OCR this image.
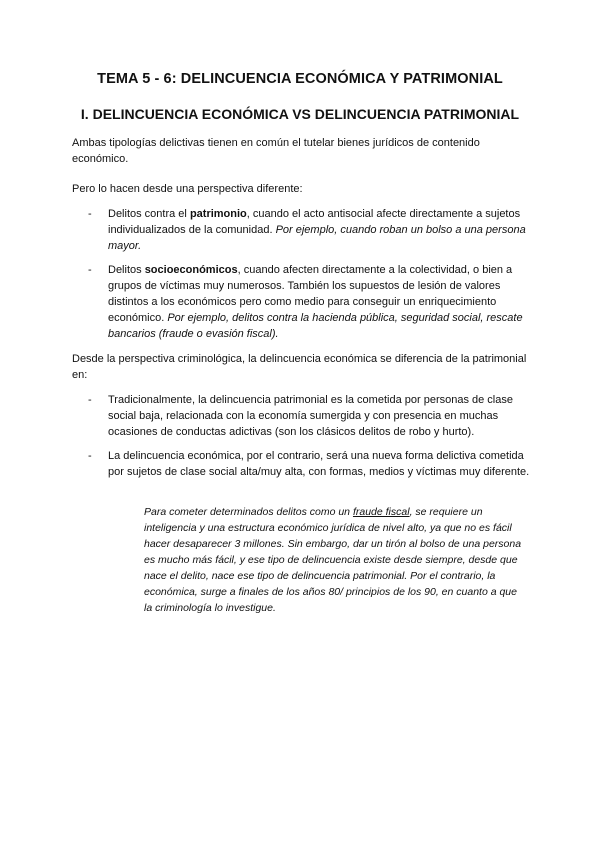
TEMA 5 - 6: DELINCUENCIA ECONÓMICA Y PATRIMONIAL
I. DELINCUENCIA ECONÓMICA VS DELINCUENCIA PATRIMONIAL
Ambas tipologías delictivas tienen en común el tutelar bienes jurídicos de contenido económico.
Pero lo hacen desde una perspectiva diferente:
- Delitos contra el patrimonio, cuando el acto antisocial afecte directamente a sujetos individualizados de la comunidad. Por ejemplo, cuando roban un bolso a una persona mayor.
- Delitos socioeconómicos, cuando afecten directamente a la colectividad, o bien a grupos de víctimas muy numerosos. También los supuestos de lesión de valores distintos a los económicos pero como medio para conseguir un enriquecimiento económico. Por ejemplo, delitos contra la hacienda pública, seguridad social, rescate bancarios (fraude o evasión fiscal).
Desde la perspectiva criminológica, la delincuencia económica se diferencia de la patrimonial en:
- Tradicionalmente, la delincuencia patrimonial es la cometida por personas de clase social baja, relacionada con la economía sumergida y con presencia en muchas ocasiones de conductas adictivas (son los clásicos delitos de robo y hurto).
- La delincuencia económica, por el contrario, será una nueva forma delictiva cometida por sujetos de clase social alta/muy alta, con formas, medios y víctimas muy diferente.
Para cometer determinados delitos como un fraude fiscal, se requiere un inteligencia y una estructura económico jurídica de nivel alto, ya que no es fácil hacer desaparecer 3 millones. Sin embargo, dar un tirón al bolso de una persona es mucho más fácil, y ese tipo de delincuencia existe desde siempre, desde que nace el delito, nace ese tipo de delincuencia patrimonial. Por el contrario, la económica, surge a finales de los años 80/ principios de los 90, en cuanto a que la criminología lo investigue.
